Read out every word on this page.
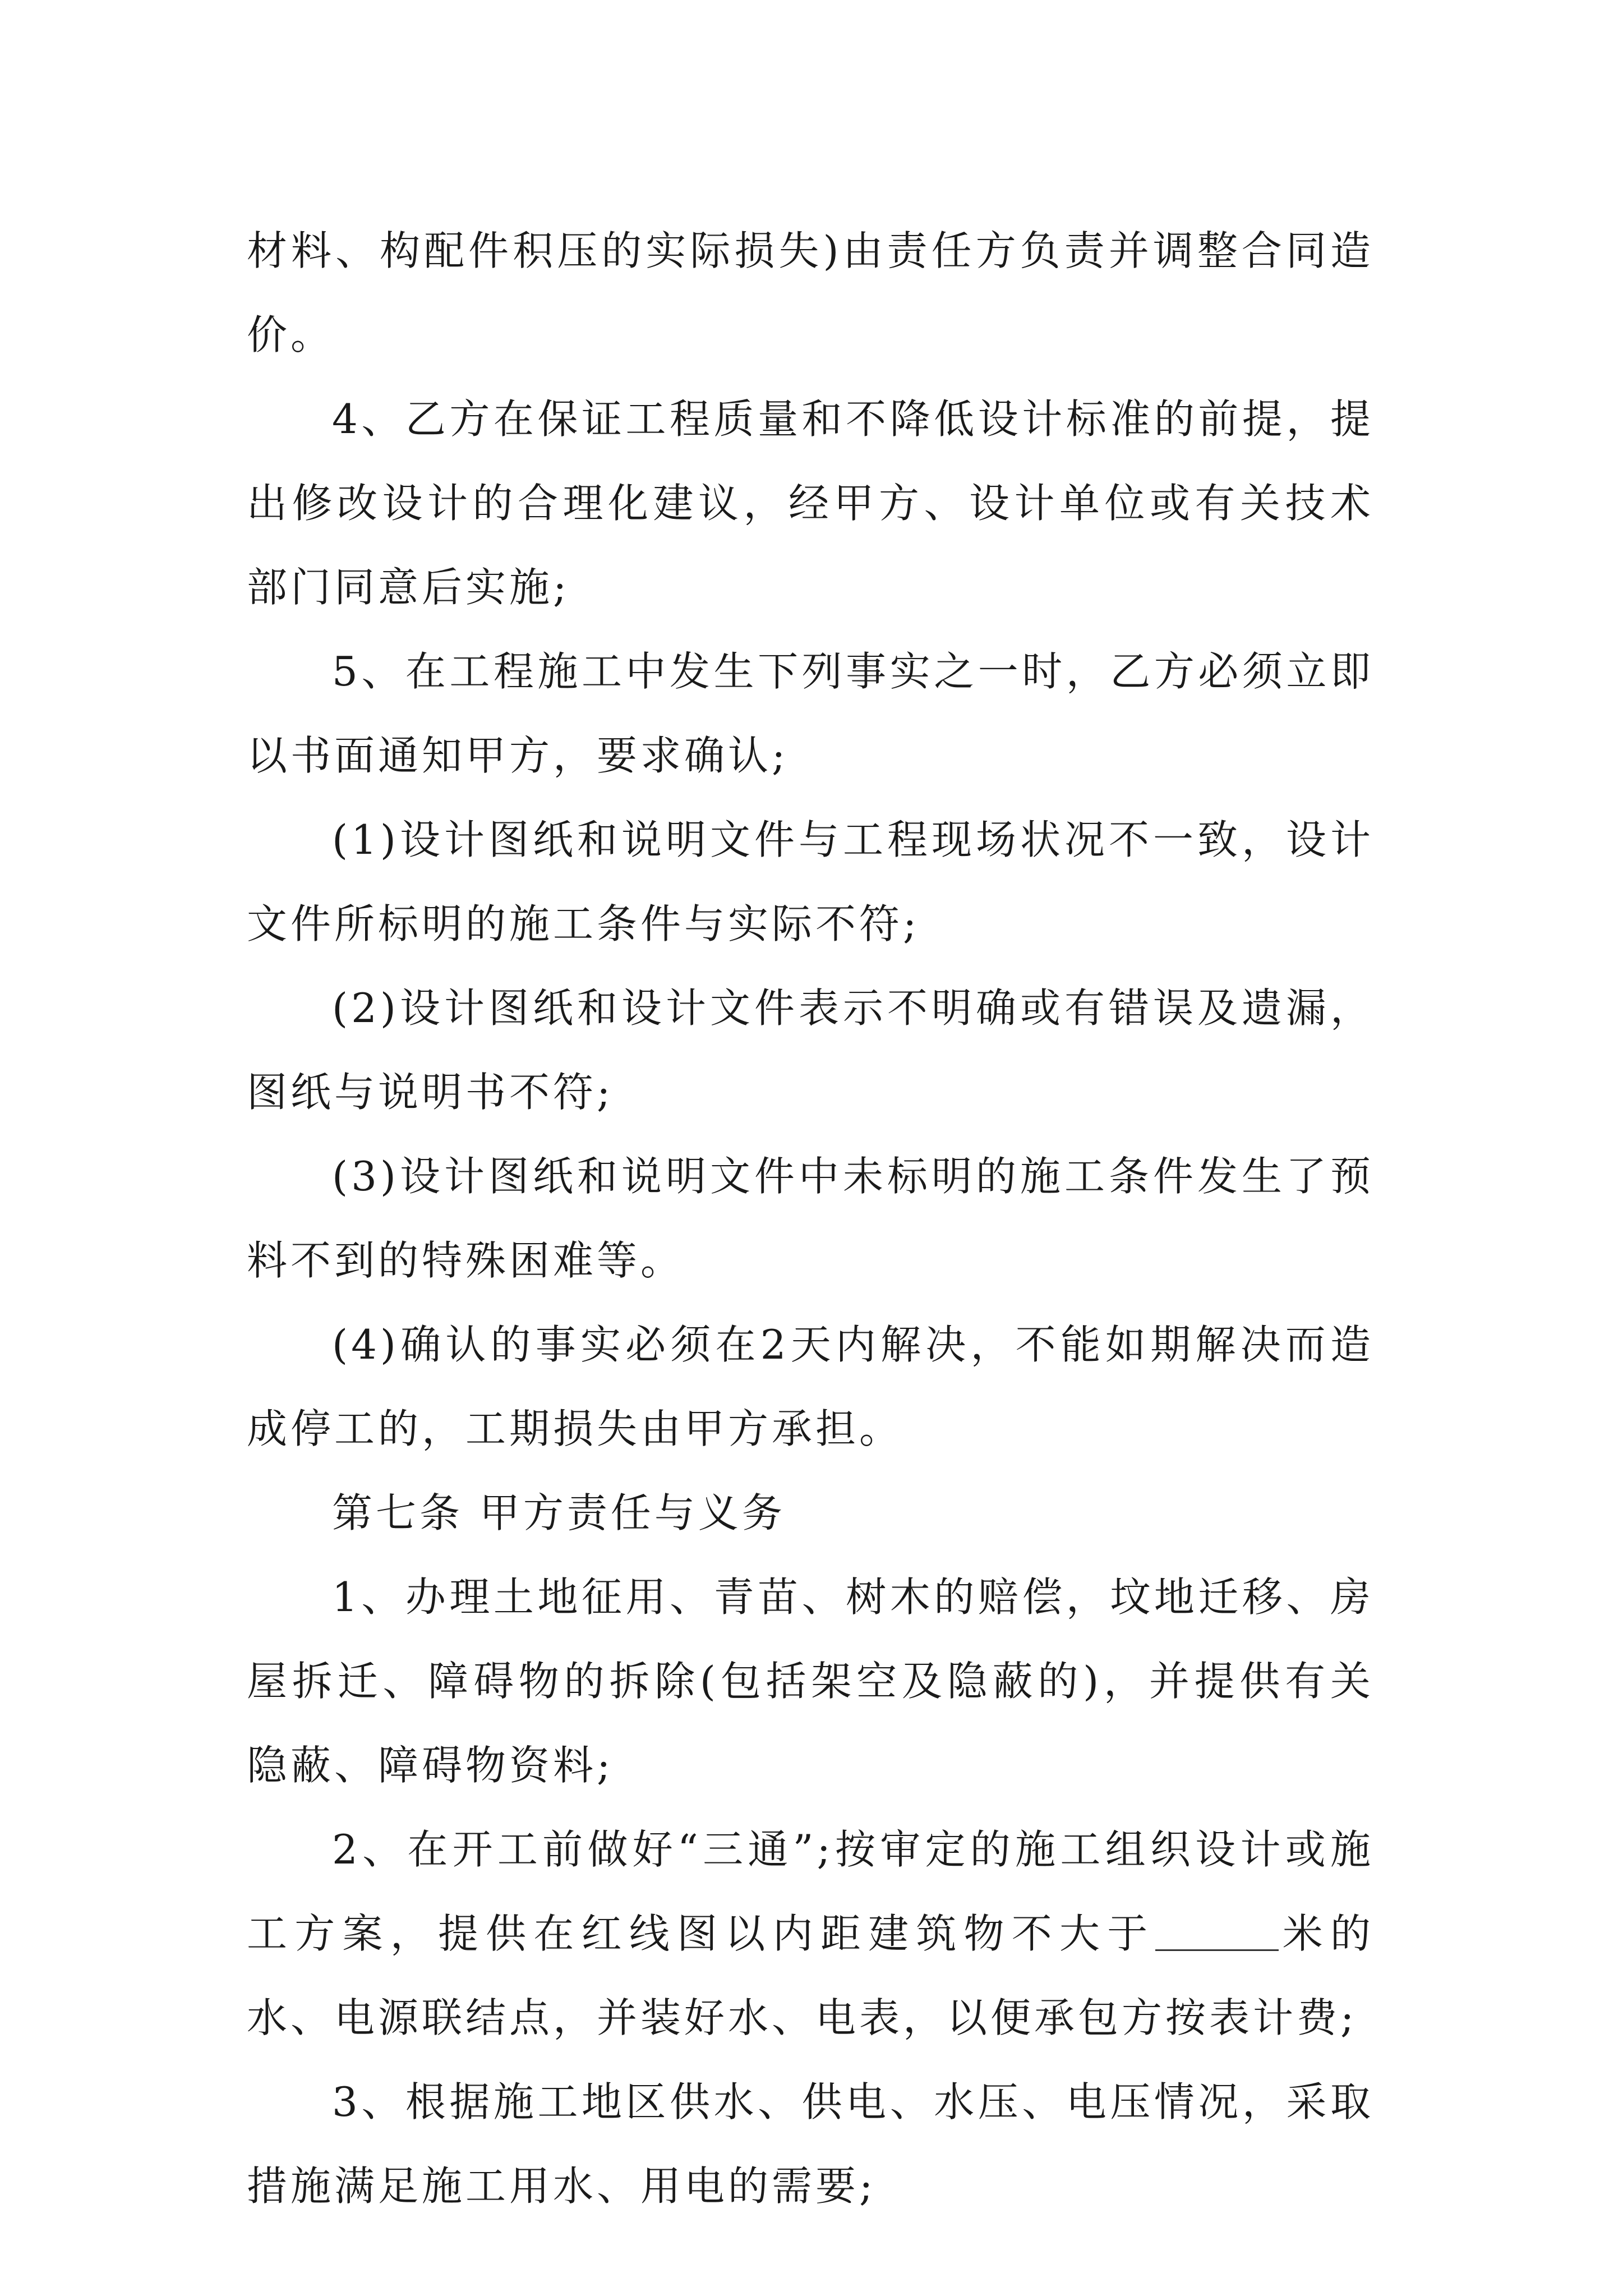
材料、构配件积压的实际损失)由责任方负责并调整合同造价。

4、乙方在保证工程质量和不降低设计标准的前提，提出修改设计的合理化建议，经甲方、设计单位或有关技术部门同意后实施;

5、在工程施工中发生下列事实之一时，乙方必须立即以书面通知甲方，要求确认;

(1)设计图纸和说明文件与工程现场状况不一致，设计文件所标明的施工条件与实际不符;

(2)设计图纸和设计文件表示不明确或有错误及遗漏，图纸与说明书不符;

(3)设计图纸和说明文件中未标明的施工条件发生了预料不到的特殊困难等。

(4)确认的事实必须在2天内解决，不能如期解决而造成停工的，工期损失由甲方承担。

第七条 甲方责任与义务

1、办理土地征用、青苗、树木的赔偿，坟地迁移、房屋拆迁、障碍物的拆除(包括架空及隐蔽的)，并提供有关隐蔽、障碍物资料;

2、在开工前做好“三通”;按审定的施工组织设计或施工方案，提供在红线图以内距建筑物不大于	米的水、电源联结点，并装好水、电表，以便承包方按表计费;

3、根据施工地区供水、供电、水压、电压情况，采取措施满足施工用水、用电的需要;
